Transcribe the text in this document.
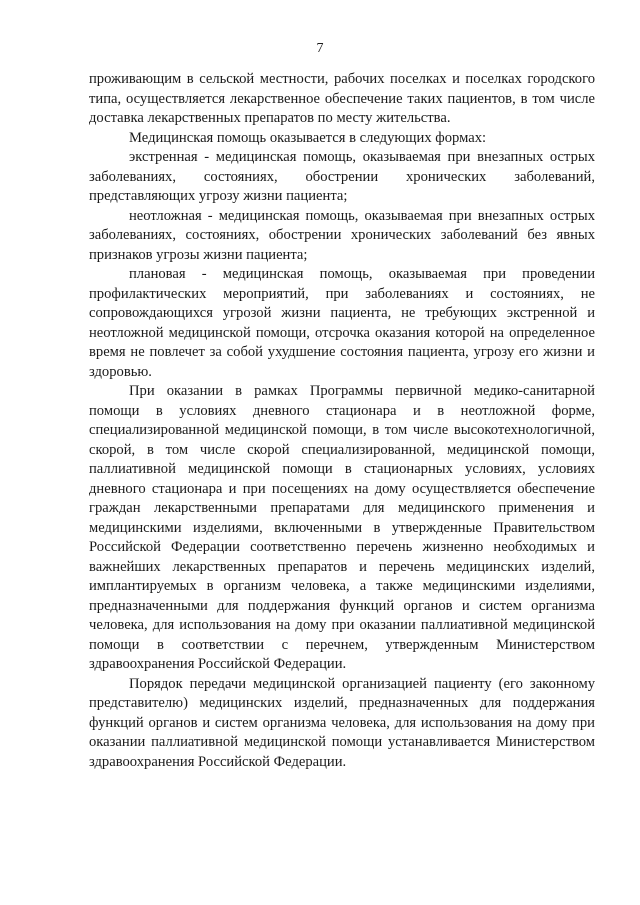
7

проживающим в сельской местности, рабочих поселках и поселках городского типа, осуществляется лекарственное обеспечение таких пациентов, в том числе доставка лекарственных препаратов по месту жительства.

Медицинская помощь оказывается в следующих формах:

экстренная - медицинская помощь, оказываемая при внезапных острых заболеваниях, состояниях, обострении хронических заболеваний, представляющих угрозу жизни пациента;

неотложная - медицинская помощь, оказываемая при внезапных острых заболеваниях, состояниях, обострении хронических заболеваний без явных признаков угрозы жизни пациента;

плановая - медицинская помощь, оказываемая при проведении профилактических мероприятий, при заболеваниях и состояниях, не сопровождающихся угрозой жизни пациента, не требующих экстренной и неотложной медицинской помощи, отсрочка оказания которой на определенное время не повлечет за собой ухудшение состояния пациента, угрозу его жизни и здоровью.

При оказании в рамках Программы первичной медико-санитарной помощи в условиях дневного стационара и в неотложной форме, специализированной медицинской помощи, в том числе высокотехнологичной, скорой, в том числе скорой специализированной, медицинской помощи, паллиативной медицинской помощи в стационарных условиях, условиях дневного стационара и при посещениях на дому осуществляется обеспечение граждан лекарственными препаратами для медицинского применения и медицинскими изделиями, включенными в утвержденные Правительством Российской Федерации соответственно перечень жизненно необходимых и важнейших лекарственных препаратов и перечень медицинских изделий, имплантируемых в организм человека, а также медицинскими изделиями, предназначенными для поддержания функций органов и систем организма человека, для использования на дому при оказании паллиативной медицинской помощи в соответствии с перечнем, утвержденным Министерством здравоохранения Российской Федерации.

Порядок передачи медицинской организацией пациенту (его законному представителю) медицинских изделий, предназначенных для поддержания функций органов и систем организма человека, для использования на дому при оказании паллиативной медицинской помощи устанавливается Министерством здравоохранения Российской Федерации.
